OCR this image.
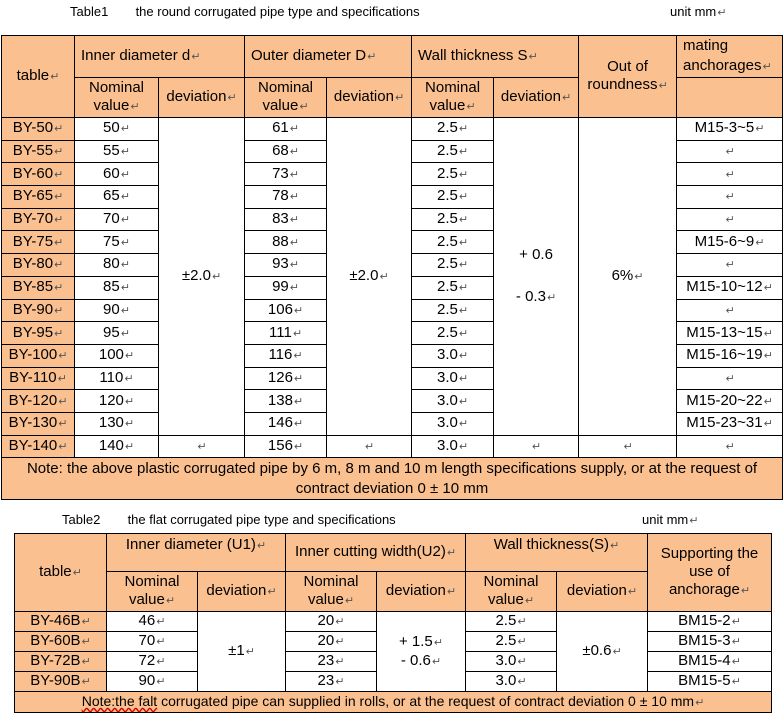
Table1 the round corrugated pipe type and specifications	unit mm↵
table↵	Inner diameter d↵		Outer diameter D↵		Wall thickness S↵		Out of roundness↵	mating anchorages↵
	Nominal value↵	deviation↵	Nominal value↵	deviation↵	Nominal value↵	deviation↵		
BY-50↵	50↵	±2.0↵	61↵	±2.0↵	2.5↵	+ 0.6
- 0.3↵	6%↵	M15-3~5↵
BY-55↵	55↵		68↵		2.5↵			↵
BY-60↵	60↵		73↵		2.5↵			↵
BY-65↵	65↵		78↵		2.5↵			↵
BY-70↵	70↵		83↵		2.5↵			↵
BY-75↵	75↵		88↵		2.5↵			M15-6~9↵
BY-80↵	80↵		93↵		2.5↵			↵
BY-85↵	85↵		99↵		2.5↵			M15-10~12↵
BY-90↵	90↵		106↵		2.5↵			↵
BY-95↵	95↵		111↵		2.5↵			M15-13~15↵
BY-100↵	100↵		116↵		3.0↵			M15-16~19↵
BY-110↵	110↵		126↵		3.0↵			↵
BY-120↵	120↵		138↵		3.0↵			M15-20~22↵
BY-130↵	130↵		146↵		3.0↵			M15-23~31↵
BY-140↵	140↵	↵	156↵	↵	3.0↵	↵	↵	↵
Note: the above plastic corrugated pipe by 6 m, 8 m and 10 m length specifications supply, or at the request of contract deviation 0 ± 10 mm								
Table2 the flat corrugated pipe type and specifications	unit mm↵
table↵	Inner diameter (U1)↵		Inner cutting width(U2)↵		Wall thickness(S)↵		Supporting the use of anchorage↵
	Nominal value↵	deviation↵	Nominal value↵	deviation↵	Nominal value↵	deviation↵	
BY-46B↵	46↵	±1↵	20↵	+ 1.5↵
- 0.6↵	2.5↵	±0.6↵	BM15-2↵
BY-60B↵	70↵		20↵		2.5↵		BM15-3↵
BY-72B↵	72↵		23↵		3.0↵		BM15-4↵
BY-90B↵	90↵		23↵		3.0↵		BM15-5↵
Note:the falt corrugated pipe can supplied in rolls, or at the request of contract deviation 0 ± 10 mm↵							
